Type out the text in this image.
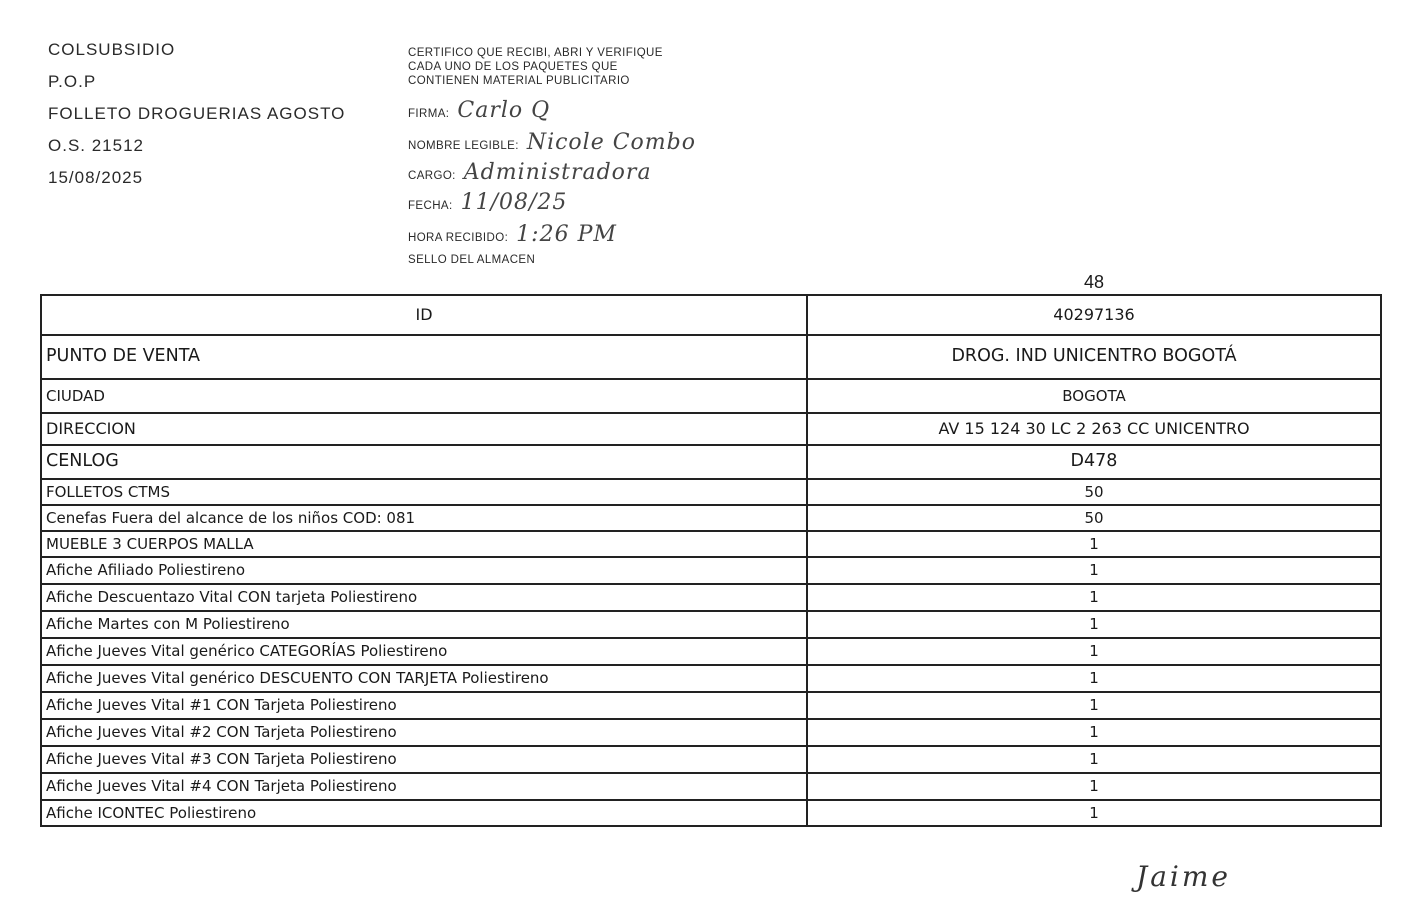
COLSUBSIDIO
P.O.P
FOLLETO DROGUERIAS AGOSTO
O.S. 21512
15/08/2025
CERTIFICO QUE RECIBI, ABRI Y VERIFIQUE
CADA UNO DE LOS PAQUETES QUE
CONTIENEN MATERIAL PUBLICITARIO
FIRMA: Carlo Q
NOMBRE LEGIBLE: Nicole Combo
CARGO: Administradora
FECHA: 11/08/25
HORA RECIBIDO: 1:26 PM
SELLO DEL ALMACEN
48
ID	40297136
PUNTO DE VENTA	DROG. IND UNICENTRO BOGOTÁ
CIUDAD	BOGOTA
DIRECCION	AV 15 124 30 LC 2 263 CC UNICENTRO
CENLOG	D478
FOLLETOS CTMS	50
Cenefas Fuera del alcance de los niños COD: 081	50
MUEBLE 3 CUERPOS MALLA	1
Afiche Afiliado Poliestireno	1
Afiche Descuentazo Vital CON tarjeta Poliestireno	1
Afiche Martes con M Poliestireno	1
Afiche Jueves Vital genérico CATEGORÍAS Poliestireno	1
Afiche Jueves Vital genérico DESCUENTO CON TARJETA Poliestireno	1
Afiche Jueves Vital #1 CON Tarjeta Poliestireno	1
Afiche Jueves Vital #2 CON Tarjeta Poliestireno	1
Afiche Jueves Vital #3 CON Tarjeta Poliestireno	1
Afiche Jueves Vital #4 CON Tarjeta Poliestireno	1
Afiche ICONTEC Poliestireno	1
Jaime
